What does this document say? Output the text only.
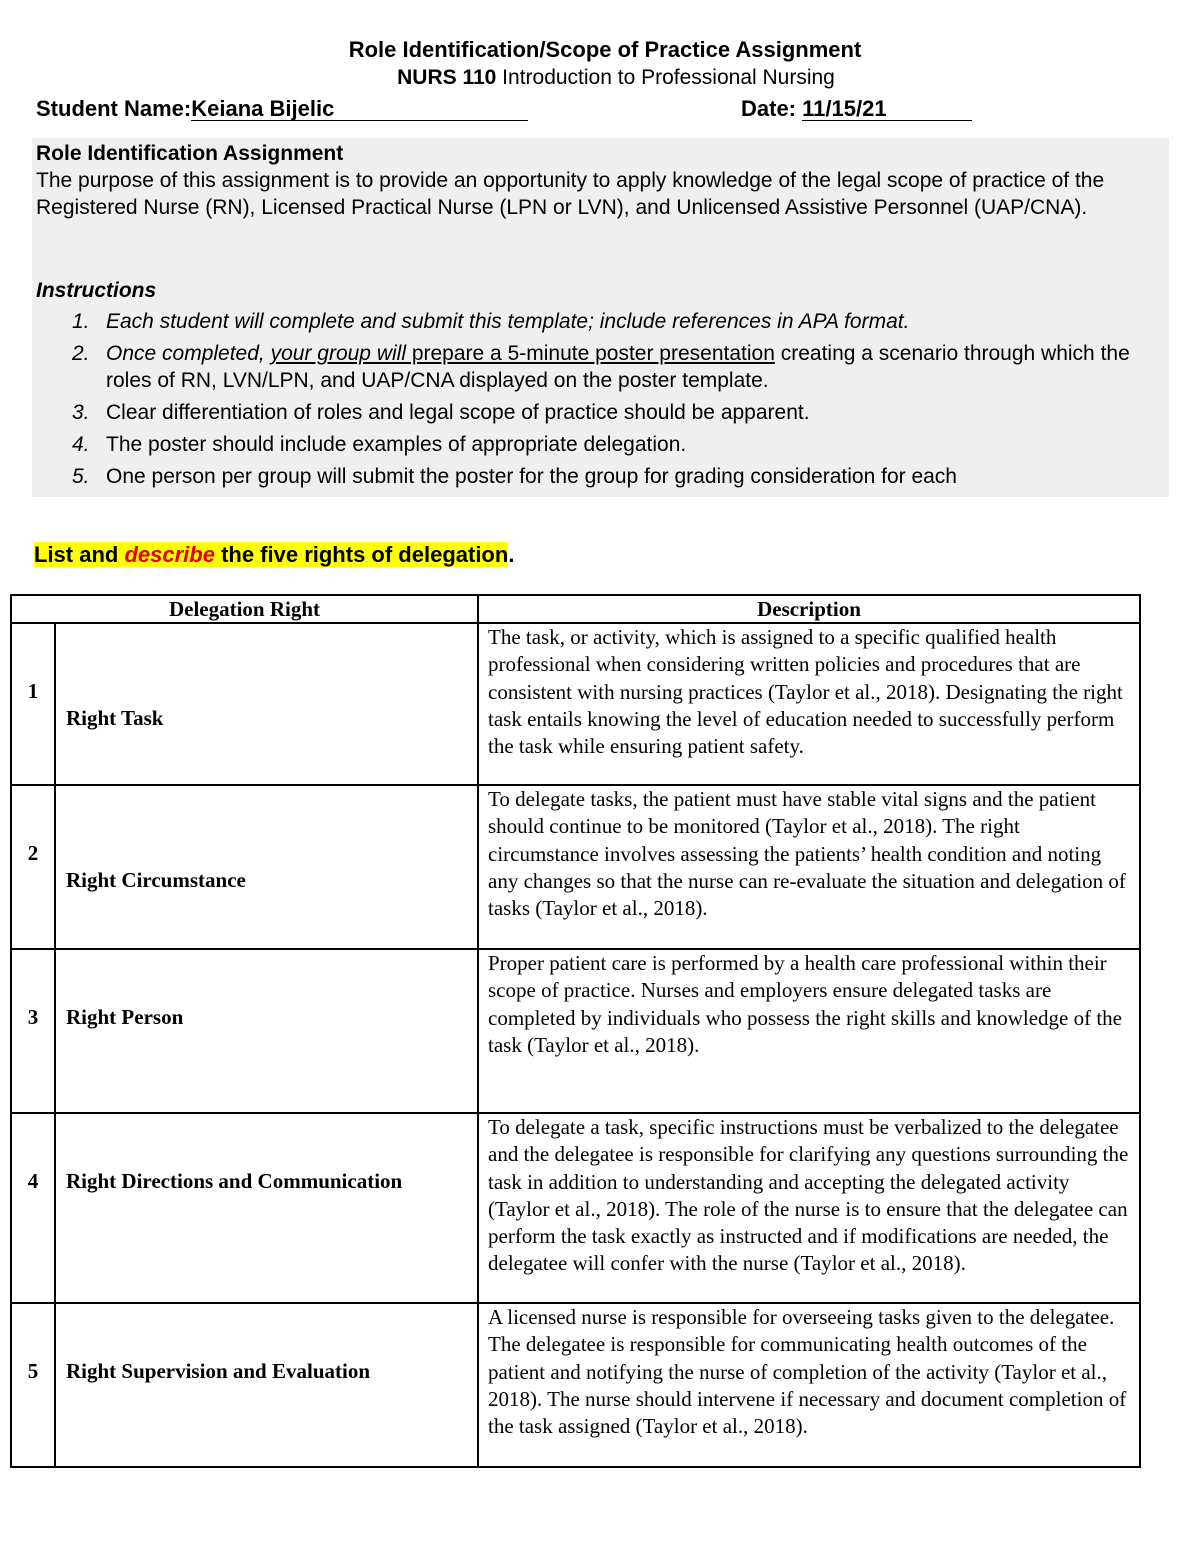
Role Identification/Scope of Practice Assignment
NURS 110 Introduction to Professional Nursing
Student Name:Keiana Bijelic	Date: 11/15/21
Role Identification Assignment
The purpose of this assignment is to provide an opportunity to apply knowledge of the legal scope of practice of the Registered Nurse (RN), Licensed Practical Nurse (LPN or LVN), and Unlicensed Assistive Personnel (UAP/CNA).
Instructions
1. Each student will complete and submit this template; include references in APA format.
2. Once completed, your group will prepare a 5-minute poster presentation creating a scenario through which the roles of RN, LVN/LPN, and UAP/CNA displayed on the poster template.
3. Clear differentiation of roles and legal scope of practice should be apparent.
4. The poster should include examples of appropriate delegation.
5. One person per group will submit the poster for the group for grading consideration for each
List and describe the five rights of delegation.
Delegation Right		Description
1	Right Task	The task, or activity, which is assigned to a specific qualified health professional when considering written policies and procedures that are consistent with nursing practices (Taylor et al., 2018). Designating the right task entails knowing the level of education needed to successfully perform the task while ensuring patient safety.
2	Right Circumstance	To delegate tasks, the patient must have stable vital signs and the patient should continue to be monitored (Taylor et al., 2018). The right circumstance involves assessing the patients’ health condition and noting any changes so that the nurse can re-evaluate the situation and delegation of tasks (Taylor et al., 2018).
3	Right Person	Proper patient care is performed by a health care professional within their scope of practice. Nurses and employers ensure delegated tasks are completed by individuals who possess the right skills and knowledge of the task (Taylor et al., 2018).
4	Right Directions and Communication	To delegate a task, specific instructions must be verbalized to the delegatee and the delegatee is responsible for clarifying any questions surrounding the task in addition to understanding and accepting the delegated activity (Taylor et al., 2018). The role of the nurse is to ensure that the delegatee can perform the task exactly as instructed and if modifications are needed, the delegatee will confer with the nurse (Taylor et al., 2018).
5	Right Supervision and Evaluation	A licensed nurse is responsible for overseeing tasks given to the delegatee. The delegatee is responsible for communicating health outcomes of the patient and notifying the nurse of completion of the activity (Taylor et al., 2018). The nurse should intervene if necessary and document completion of the task assigned (Taylor et al., 2018).
